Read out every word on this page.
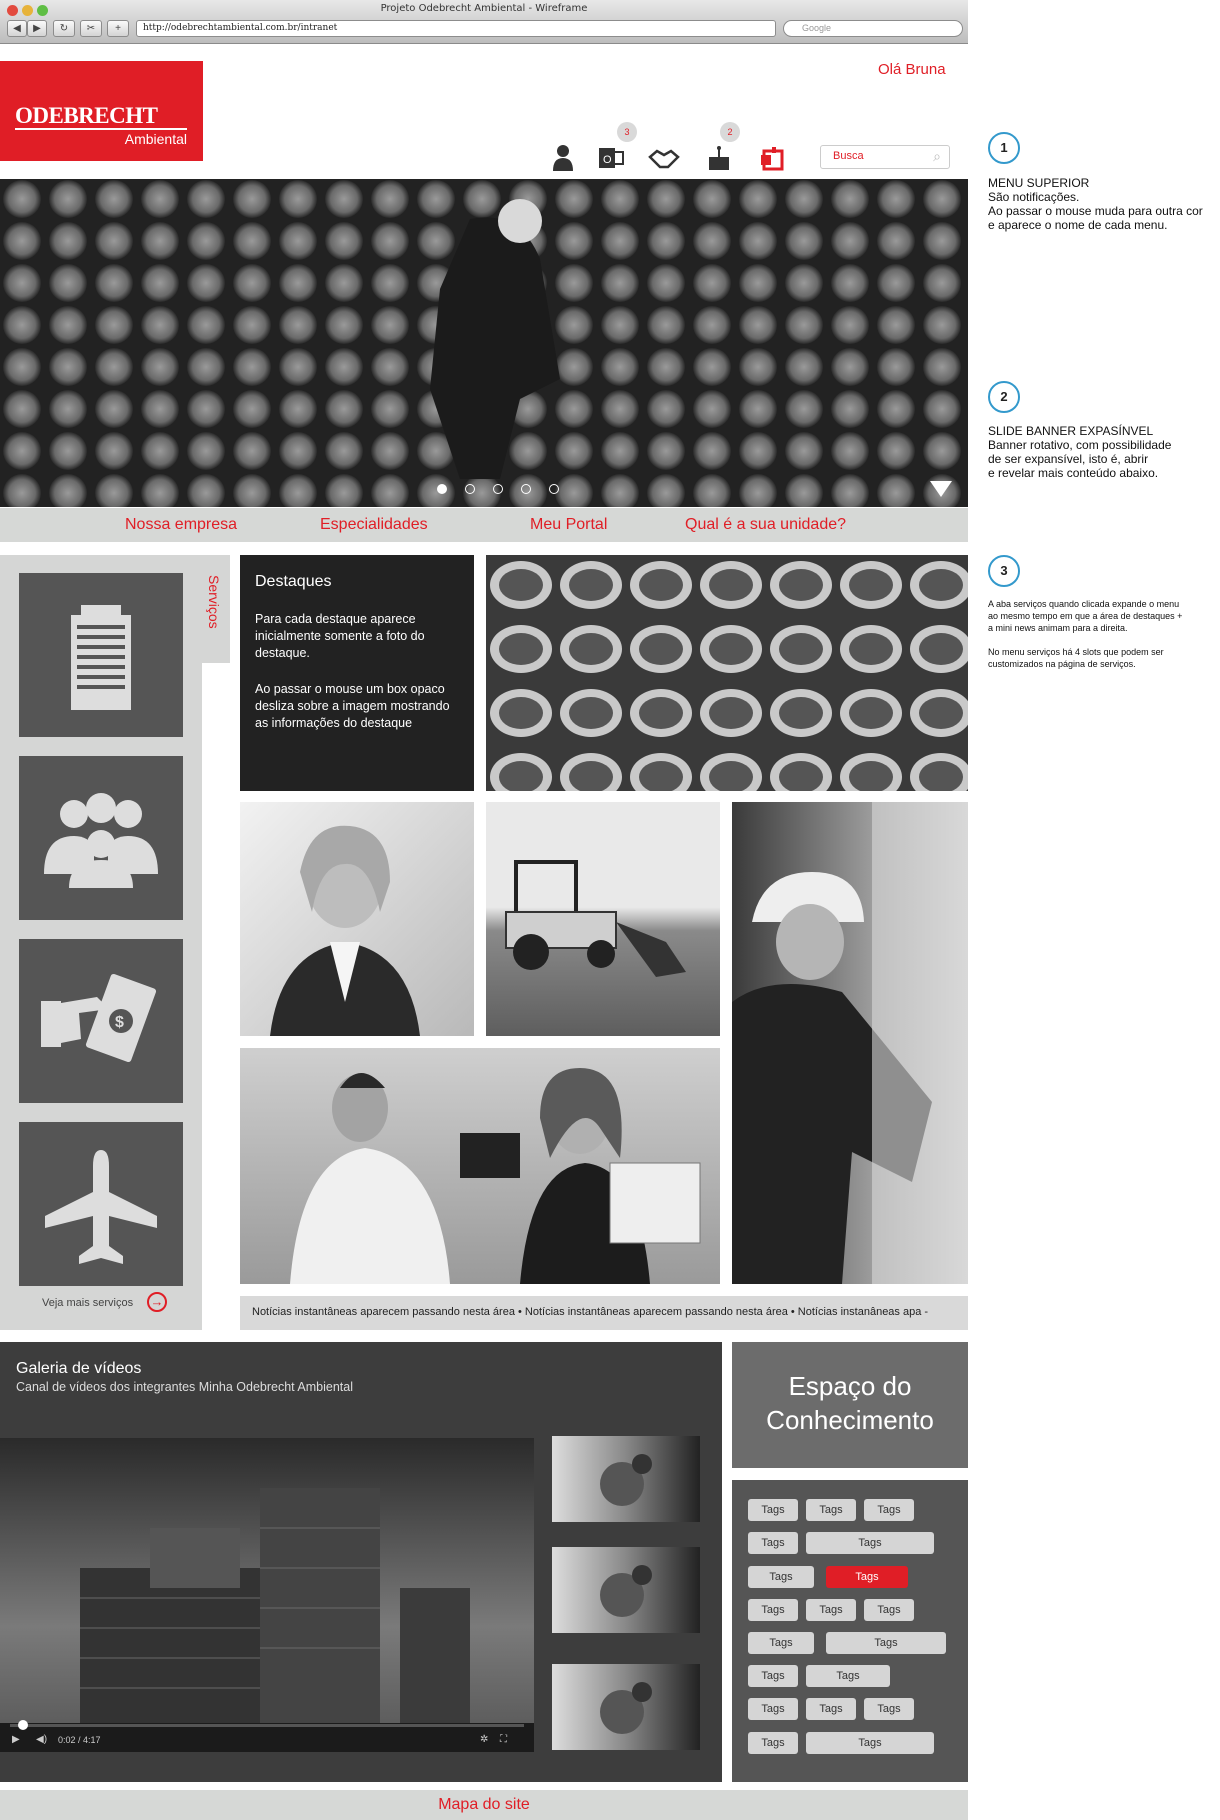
Projeto Odebrecht Ambiental - Wireframe
◀	▶	↻	✂	+	http://odebrechtambiental.com.br/intranet	Google
ODEBRECHT
Ambiental
Olá Bruna
O
3	2
Busca	⌕
Nossa empresa	Especialidades	Meu Portal	Qual é a sua unidade?
$
Veja mais serviços →
Serviços Destaques
Para cada destaque aparece inicialmente somente a foto do destaque.
Ao passar o mouse um box opaco desliza sobre a imagem mostrando as informações do destaque
Notícias instantâneas aparecem passando nesta área • Notícias instantâneas aparecem passando nesta área • Notícias instanâneas apa -
Galeria de vídeos
Canal de vídeos dos integrantes Minha Odebrecht Ambiental
▶ ◀) 0:02 / 4:17	✲ ⛶
Espaço do
Conhecimento
Tags	Tags	Tags
Tags	Tags
Tags	Tags
Tags	Tags	Tags
Tags	Tags
Tags	Tags
Tags	Tags	Tags
Tags	Tags
Mapa do site
1
MENU SUPERIOR
São notificações.
Ao passar o mouse muda para outra cor
e aparece o nome de cada menu.
2
SLIDE BANNER EXPASÍNVEL
Banner rotativo, com possibilidade
de ser expansível, isto é, abrir
e revelar mais conteúdo abaixo.
3
A aba serviços quando clicada expande o menu ao mesmo tempo em que a área de destaques + a mini news animam para a direita.
No menu serviços há 4 slots que podem ser customizados na página de serviços.
